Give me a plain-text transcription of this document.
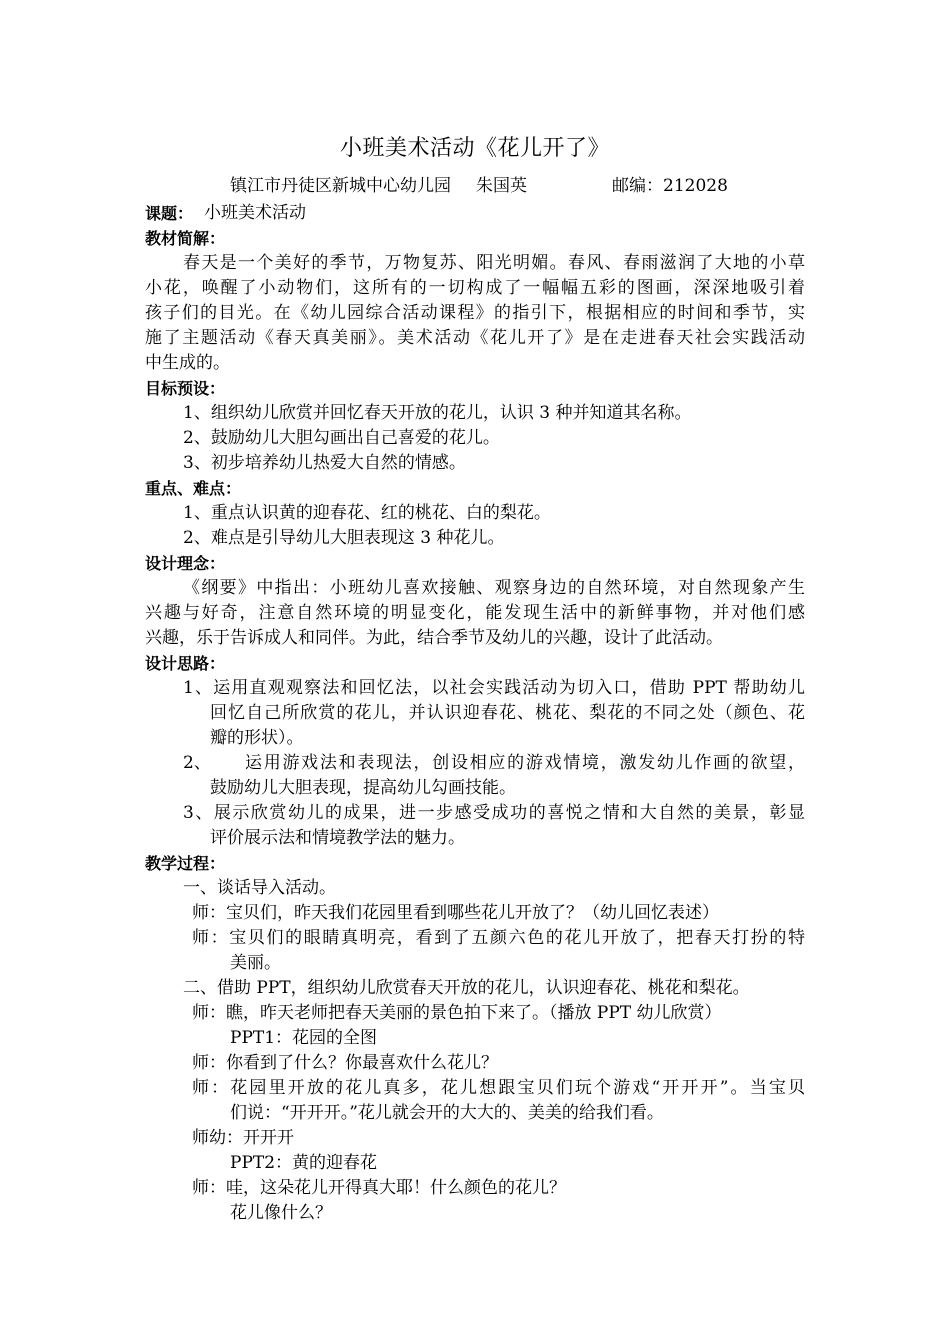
小班美术活动《花儿开了》
镇江市丹徒区新城中心幼儿园 朱国英	邮编：212028
课题： 小班美术活动
教材简解：
春天是一个美好的季节，万物复苏、阳光明媚。春风、春雨滋润了大地的小草
小花，唤醒了小动物们，这所有的一切构成了一幅幅五彩的图画，深深地吸引着
孩子们的目光。在《幼儿园综合活动课程》的指引下，根据相应的时间和季节，实
施了主题活动《春天真美丽》。美术活动《花儿开了》是在走进春天社会实践活动
中生成的。
目标预设：
1、组织幼儿欣赏并回忆春天开放的花儿，认识 3 种并知道其名称。
2、鼓励幼儿大胆勾画出自己喜爱的花儿。
3、初步培养幼儿热爱大自然的情感。
重点、难点：
1、重点认识黄的迎春花、红的桃花、白的梨花。
2、难点是引导幼儿大胆表现这 3 种花儿。
设计理念：
《纲要》中指出：小班幼儿喜欢接触、观察身边的自然环境，对自然现象产生
兴趣与好奇，注意自然环境的明显变化，能发现生活中的新鲜事物，并对他们感
兴趣，乐于告诉成人和同伴。为此，结合季节及幼儿的兴趣，设计了此活动。
设计思路：
1、运用直观观察法和回忆法，以社会实践活动为切入口，借助 PPT 帮助幼儿
回忆自己所欣赏的花儿，并认识迎春花、桃花、梨花的不同之处（颜色、花
瓣的形状）。
2、 运用游戏法和表现法，创设相应的游戏情境，激发幼儿作画的欲望，
鼓励幼儿大胆表现，提高幼儿勾画技能。
3、展示欣赏幼儿的成果，进一步感受成功的喜悦之情和大自然的美景，彰显
评价展示法和情境教学法的魅力。
教学过程：
一、谈话导入活动。
师：宝贝们，昨天我们花园里看到哪些花儿开放了？（幼儿回忆表述）
师：宝贝们的眼睛真明亮，看到了五颜六色的花儿开放了，把春天打扮的特
美丽。
二、借助 PPT，组织幼儿欣赏春天开放的花儿，认识迎春花、桃花和梨花。
师：瞧，昨天老师把春天美丽的景色拍下来了。（播放 PPT 幼儿欣赏）
PPT1：花园的全图
师：你看到了什么？你最喜欢什么花儿？
师：花园里开放的花儿真多，花儿想跟宝贝们玩个游戏“开开开”。当宝贝
们说：“开开开。”花儿就会开的大大的、美美的给我们看。
师幼：开开开
PPT2：黄的迎春花
师：哇，这朵花儿开得真大耶！什么颜色的花儿？
花儿像什么？
